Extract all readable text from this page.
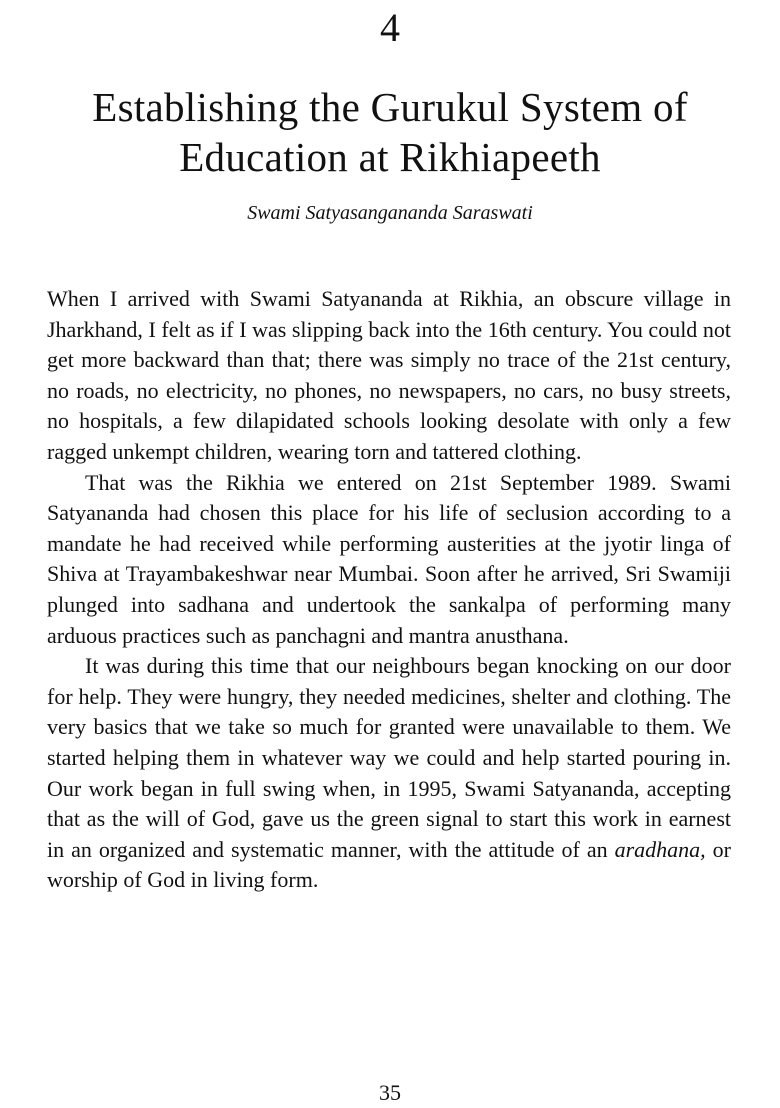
4
Establishing the Gurukul System of Education at Rikhiapeeth
Swami Satyasangananda Saraswati

When I arrived with Swami Satyananda at Rikhia, an obscure village in Jharkhand, I felt as if I was slipping back into the 16th century. You could not get more backward than that; there was simply no trace of the 21st century, no roads, no electricity, no phones, no newspapers, no cars, no busy streets, no hospitals, a few dilapidated schools looking desolate with only a few ragged unkempt children, wearing torn and tattered clothing.

That was the Rikhia we entered on 21st September 1989. Swami Satyananda had chosen this place for his life of seclusion according to a mandate he had received while performing austerities at the jyotir linga of Shiva at Trayambakeshwar near Mumbai. Soon after he arrived, Sri Swamiji plunged into sadhana and undertook the sankalpa of performing many arduous practices such as panchagni and mantra anusthana.

It was during this time that our neighbours began knocking on our door for help. They were hungry, they needed medicines, shelter and clothing. The very basics that we take so much for granted were unavailable to them. We started helping them in whatever way we could and help started pouring in. Our work began in full swing when, in 1995, Swami Satyananda, accepting that as the will of God, gave us the green signal to start this work in earnest in an organized and systematic manner, with the attitude of an aradhana, or worship of God in living form.

35
